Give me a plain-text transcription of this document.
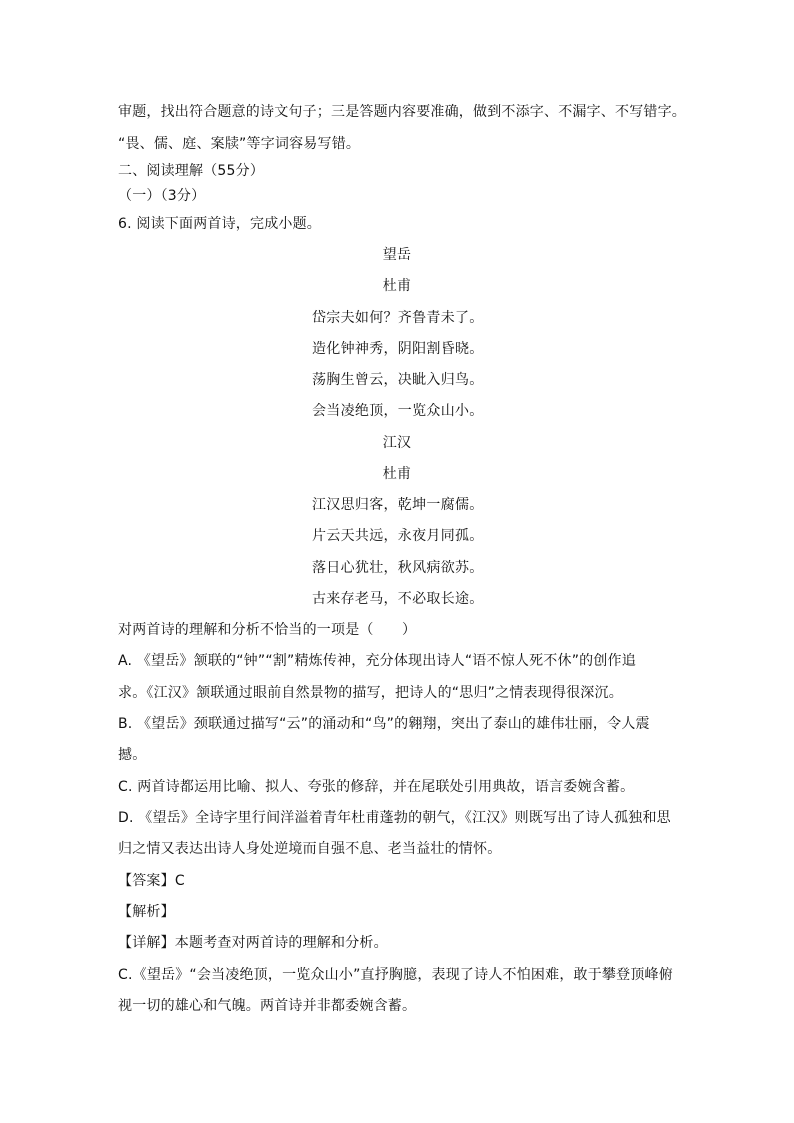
审题，找出符合题意的诗文句子；三是答题内容要准确，做到不添字、不漏字、不写错字。
“畏、儒、庭、案牍”等字词容易写错。
二、阅读理解（55分）
（一）（3分）
6. 阅读下面两首诗，完成小题。
望岳
杜甫
岱宗夫如何？齐鲁青未了。
造化钟神秀，阴阳割昏晓。
荡胸生曾云，决眦入归鸟。
会当凌绝顶，一览众山小。
江汉
杜甫
江汉思归客，乾坤一腐儒。
片云天共远，永夜月同孤。
落日心犹壮，秋风病欲苏。
古来存老马，不必取长途。
对两首诗的理解和分析不恰当的一项是（　　）
A. 《望岳》颔联的“钟”“割”精炼传神，充分体现出诗人“语不惊人死不休”的创作追
求。《江汉》颔联通过眼前自然景物的描写，把诗人的“思归”之情表现得很深沉。
B. 《望岳》颈联通过描写“云”的涌动和“鸟”的翱翔，突出了泰山的雄伟壮丽，令人震
撼。
C. 两首诗都运用比喻、拟人、夸张的修辞，并在尾联处引用典故，语言委婉含蓄。
D. 《望岳》全诗字里行间洋溢着青年杜甫蓬勃的朝气，《江汉》则既写出了诗人孤独和思
归之情又表达出诗人身处逆境而自强不息、老当益壮的情怀。
【答案】C
【解析】
【详解】本题考查对两首诗的理解和分析。
C.《望岳》“会当凌绝顶，一览众山小”直抒胸臆，表现了诗人不怕困难，敢于攀登顶峰俯
视一切的雄心和气魄。两首诗并非都委婉含蓄。
